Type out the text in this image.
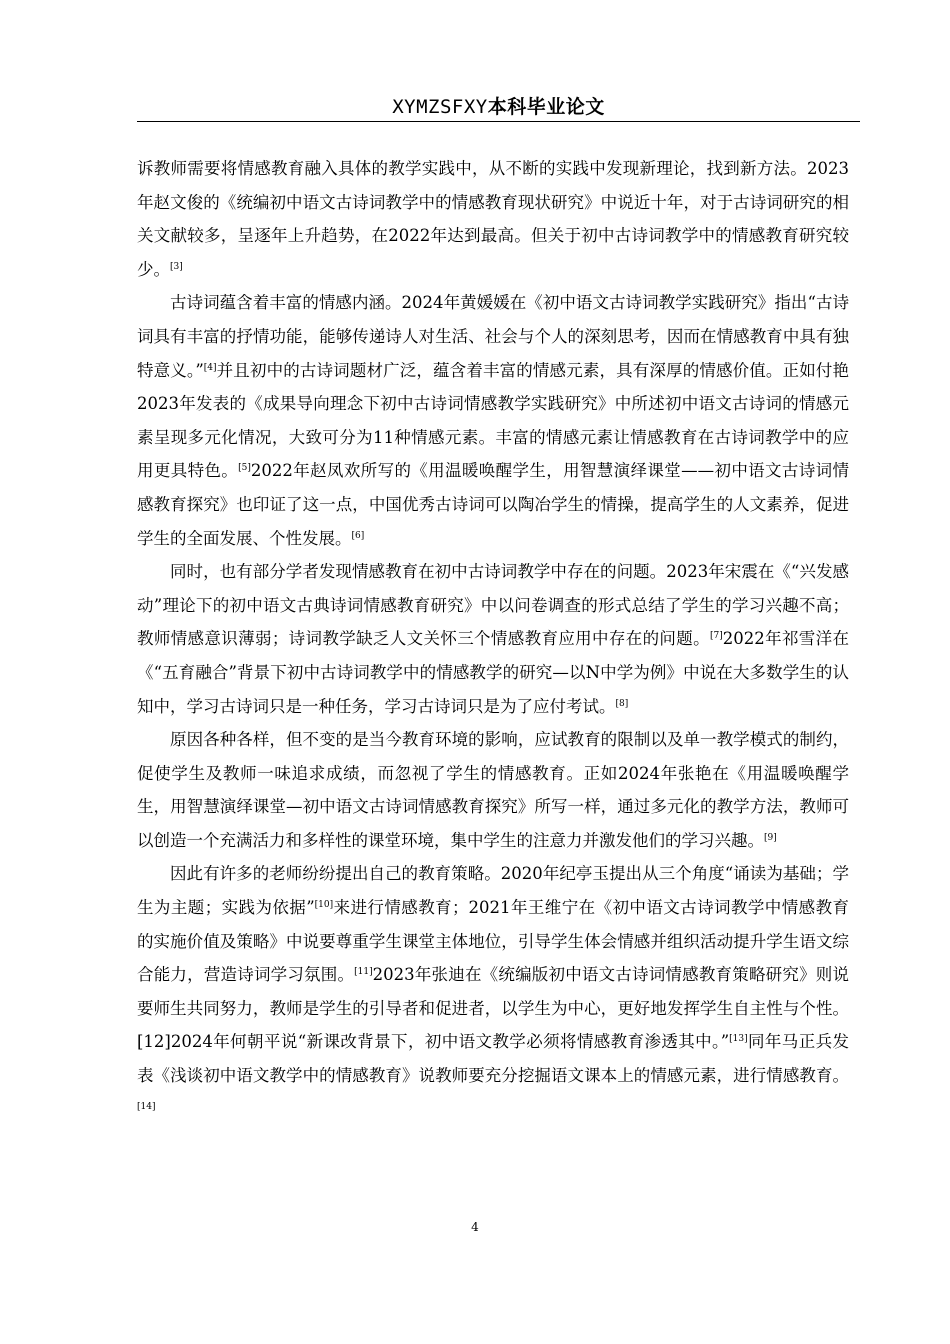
XYMZSFXY本科毕业论文

诉教师需要将情感教育融入具体的教学实践中，从不断的实践中发现新理论，找到新方法。2023年赵文俊的《统编初中语文古诗词教学中的情感教育现状研究》中说近十年，对于古诗词研究的相关文献较多，呈逐年上升趋势，在2022年达到最高。但关于初中古诗词教学中的情感教育研究较少。[3]

古诗词蕴含着丰富的情感内涵。2024年黄媛媛在《初中语文古诗词教学实践研究》指出“古诗词具有丰富的抒情功能，能够传递诗人对生活、社会与个人的深刻思考，因而在情感教育中具有独特意义。”[4]并且初中的古诗词题材广泛，蕴含着丰富的情感元素，具有深厚的情感价值。正如付艳2023年发表的《成果导向理念下初中古诗词情感教学实践研究》中所述初中语文古诗词的情感元素呈现多元化情况，大致可分为11种情感元素。丰富的情感元素让情感教育在古诗词教学中的应用更具特色。[5]2022年赵凤欢所写的《用温暖唤醒学生，用智慧演绎课堂——初中语文古诗词情感教育探究》也印证了这一点，中国优秀古诗词可以陶冶学生的情操，提高学生的人文素养，促进学生的全面发展、个性发展。[6]

同时，也有部分学者发现情感教育在初中古诗词教学中存在的问题。2023年宋震在《“兴发感动”理论下的初中语文古典诗词情感教育研究》中以问卷调查的形式总结了学生的学习兴趣不高；教师情感意识薄弱；诗词教学缺乏人文关怀三个情感教育应用中存在的问题。[7]2022年祁雪洋在《“五育融合”背景下初中古诗词教学中的情感教学的研究—以N中学为例》中说在大多数学生的认知中，学习古诗词只是一种任务，学习古诗词只是为了应付考试。[8]

原因各种各样，但不变的是当今教育环境的影响，应试教育的限制以及单一教学模式的制约，促使学生及教师一味追求成绩，而忽视了学生的情感教育。正如2024年张艳在《用温暖唤醒学生，用智慧演绎课堂—初中语文古诗词情感教育探究》所写一样，通过多元化的教学方法，教师可以创造一个充满活力和多样性的课堂环境，集中学生的注意力并激发他们的学习兴趣。[9]

因此有许多的老师纷纷提出自己的教育策略。2020年纪亭玉提出从三个角度“诵读为基础；学生为主题；实践为依据”[10]来进行情感教育；2021年王维宁在《初中语文古诗词教学中情感教育的实施价值及策略》中说要尊重学生课堂主体地位，引导学生体会情感并组织活动提升学生语文综合能力，营造诗词学习氛围。[11]2023年张迪在《统编版初中语文古诗词情感教育策略研究》则说要师生共同努力，教师是学生的引导者和促进者，以学生为中心，更好地发挥学生自主性与个性。[12]2024年何朝平说“新课改背景下，初中语文教学必须将情感教育渗透其中。”[13]同年马正兵发表《浅谈初中语文教学中的情感教育》说教师要充分挖掘语文课本上的情感元素，进行情感教育。[14]

4
